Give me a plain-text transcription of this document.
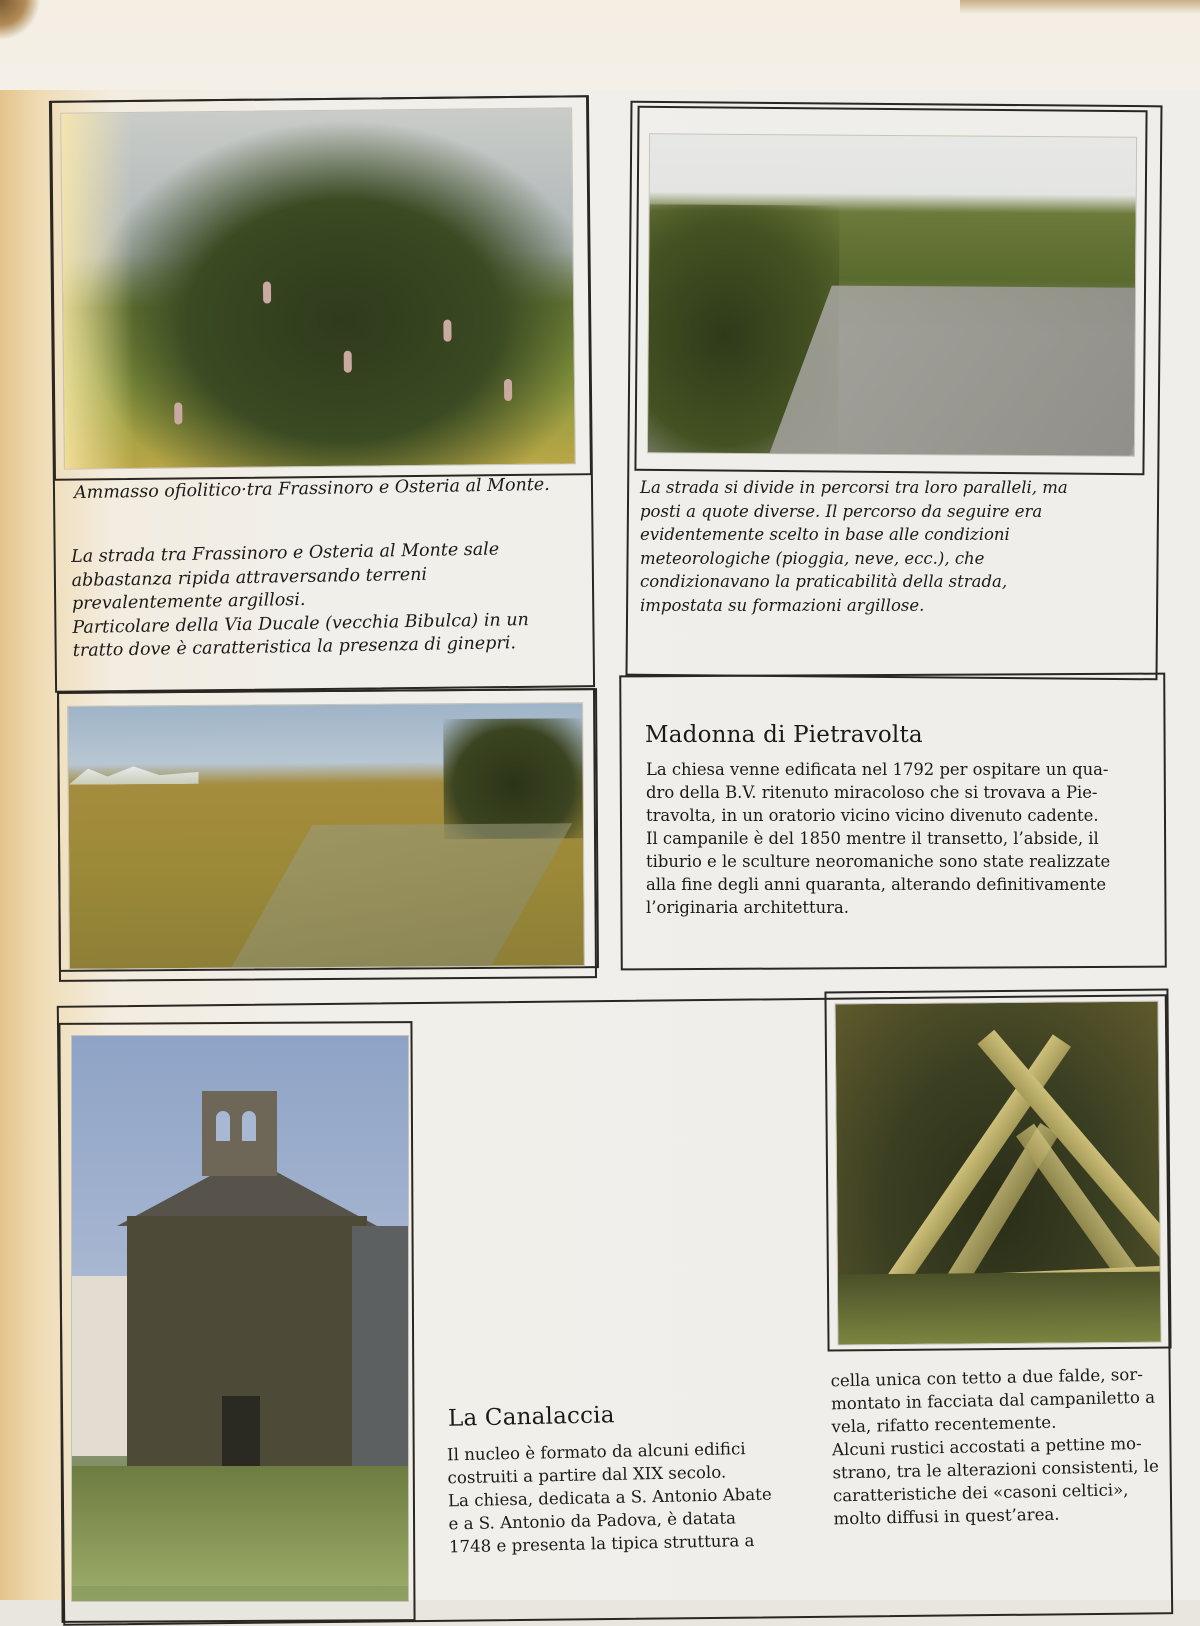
Ammasso ofiolitico·tra Frassinoro e Osteria al Monte.
La strada tra Frassinoro e Osteria al Monte sale
abbastanza ripida attraversando terreni
prevalentemente argillosi.
Particolare della Via Ducale (vecchia Bibulca) in un
tratto dove è caratteristica la presenza di ginepri.
La strada si divide in percorsi tra loro paralleli, ma
posti a quote diverse. Il percorso da seguire era
evidentemente scelto in base alle condizioni
meteorologiche (pioggia, neve, ecc.), che
condizionavano la praticabilità della strada,
impostata su formazioni argillose.
Madonna di Pietravolta
La chiesa venne edificata nel 1792 per ospitare un qua-
dro della B.V. ritenuto miracoloso che si trovava a Pie-
travolta, in un oratorio vicino vicino divenuto cadente.
Il campanile è del 1850 mentre il transetto, l’abside, il
tiburio e le sculture neoromaniche sono state realizzate
alla fine degli anni quaranta, alterando definitivamente
l’originaria architettura.
La Canalaccia
Il nucleo è formato da alcuni edifici
costruiti a partire dal XIX secolo.
La chiesa, dedicata a S. Antonio Abate
e a S. Antonio da Padova, è datata
1748 e presenta la tipica struttura a
cella unica con tetto a due falde, sor-
montato in facciata dal campaniletto a
vela, rifatto recentemente.
Alcuni rustici accostati a pettine mo-
strano, tra le alterazioni consistenti, le
caratteristiche dei «casoni celtici»,
molto diffusi in quest’area.
